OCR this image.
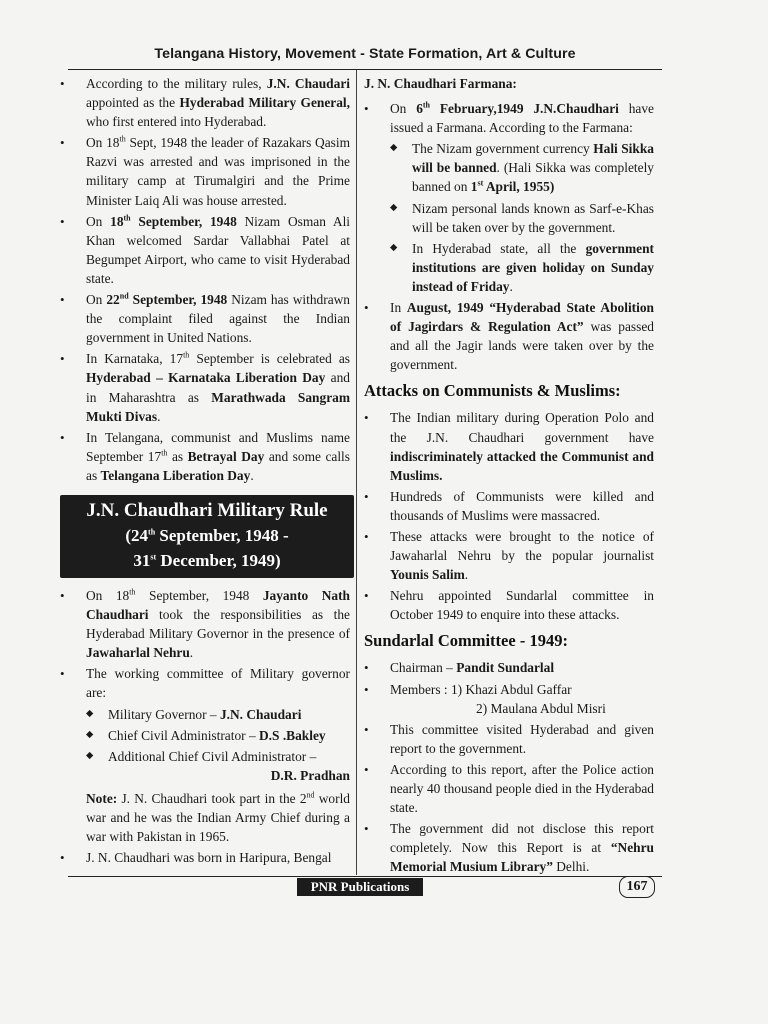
Telangana History, Movement - State Formation, Art & Culture
• According to the military rules, J.N. Chaudari appointed as the Hyderabad Military General, who first entered into Hyderabad.
• On 18th Sept, 1948 the leader of Razakars Qasim Razvi was arrested and was imprisoned in the military camp at Tirumalgiri and the Prime Minister Laiq Ali was house arrested.
• On 18th September, 1948 Nizam Osman Ali Khan welcomed Sardar Vallabhai Patel at Begumpet Airport, who came to visit Hyderabad state.
• On 22nd September, 1948 Nizam has withdrawn the complaint filed against the Indian government in United Nations.
• In Karnataka, 17th September is celebrated as Hyderabad – Karnataka Liberation Day and in Maharashtra as Marathwada Sangram Mukti Divas.
• In Telangana, communist and Muslims name September 17th as Betrayal Day and some calls as Telangana Liberation Day.
J.N. Chaudhari Military Rule
(24th September, 1948 -
31st December, 1949)
• On 18th September, 1948 Jayanto Nath Chaudhari took the responsibilities as the Hyderabad Military Governor in the presence of Jawaharlal Nehru.
• The working committee of Military governor are:
◆ Military Governor – J.N. Chaudari
◆ Chief Civil Administrator – D.S .Bakley
◆ Additional Chief Civil Administrator –
D.R. Pradhan
Note: J. N. Chaudhari took part in the 2nd world war and he was the Indian Army Chief during a war with Pakistan in 1965.
• J. N. Chaudhari was born in Haripura, Bengal
J. N. Chaudhari Farmana:
• On 6th February,1949 J.N.Chaudhari have issued a Farmana. According to the Farmana:
◆ The Nizam government currency Hali Sikka will be banned. (Hali Sikka was completely banned on 1st April, 1955)
◆ Nizam personal lands known as Sarf-e-Khas will be taken over by the government.
◆ In Hyderabad state, all the government institutions are given holiday on Sunday instead of Friday.
• In August, 1949 “Hyderabad State Abolition of Jagirdars & Regulation Act” was passed and all the Jagir lands were taken over by the government.
Attacks on Communists & Muslims:
• The Indian military during Operation Polo and the J.N. Chaudhari government have indiscriminately attacked the Communist and Muslims.
• Hundreds of Communists were killed and thousands of Muslims were massacred.
• These attacks were brought to the notice of Jawaharlal Nehru by the popular journalist Younis Salim.
• Nehru appointed Sundarlal committee in October 1949 to enquire into these attacks.
Sundarlal Committee - 1949:
• Chairman – Pandit Sundarlal
• Members : 1) Khazi Abdul Gaffar
2) Maulana Abdul Misri
• This committee visited Hyderabad and given report to the government.
• According to this report, after the Police action nearly 40 thousand people died in the Hyderabad state.
• The government did not disclose this report completely. Now this Report is at “Nehru Memorial Musium Library” Delhi.
PNR Publications	167
